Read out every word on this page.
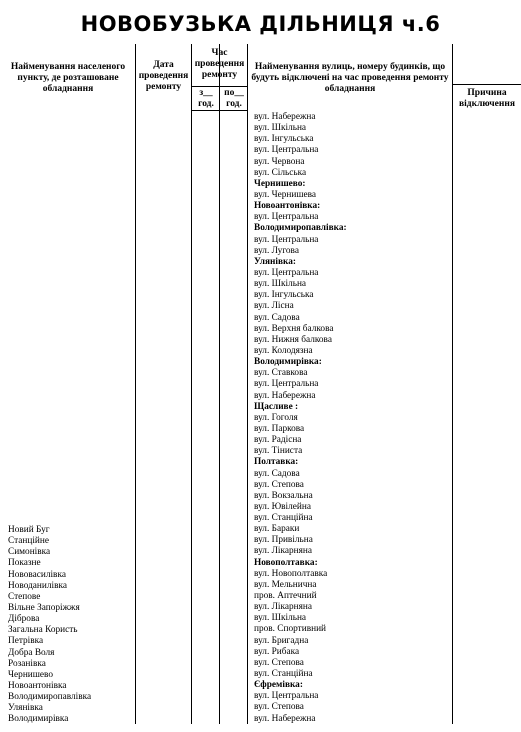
НОВОБУЗЬКА ДІЛЬНИЦЯ ч.6
Найменування населеного пункту, де розташоване обладнання
Дата проведення ремонту
Час проведення ремонту
з__ год.
по__ год.
Найменування вулиць, номеру будинків, що будуть відключені на час проведення ремонту обладнання	Причина відключення
Новий Буг
Станційне
Симонівка
Показне
Нововасилівка
Новоданилівка
Степове
Вільне Запоріжжя
Діброва
Загальна Користь
Петрівка
Добра Воля
Розанівка
Чернишево
Новоантонівка
Володимиропавлівка
Улянівка
Володимирівка
вул. Набережна
вул. Шкільна
вул. Інгульська
вул. Центральна
вул. Червона
вул. Сільська
Чернишево:
вул. Чернишева
Новоантонівка:
вул. Центральна
Володимиропавлівка:
вул. Центральна
вул. Лугова
Улянівка:
вул. Центральна
вул. Шкільна
вул. Інгульська
вул. Лісна
вул. Садова
вул. Верхня балкова
вул. Нижня балкова
вул. Колодязна
Володимирівка:
вул. Ставкова
вул. Центральна
вул. Набережна
Щасливе :
вул. Гоголя
вул. Паркова
вул. Радісна
вул. Тіниста
Полтавка:
вул. Садова
вул. Степова
вул. Вокзальна
вул. Ювілейна
вул. Станційна
вул. Бараки
вул. Привільна
вул. Лікарняна
Новополтавка:
вул. Новополтавка
вул. Мельнична
пров. Аптечний
вул. Лікарняна
вул. Шкільна
пров. Спортивний
вул. Бригадна
вул. Рибака
вул. Степова
вул. Станційна
Єфремівка:
вул. Центральна
вул. Степова
вул. Набережна
